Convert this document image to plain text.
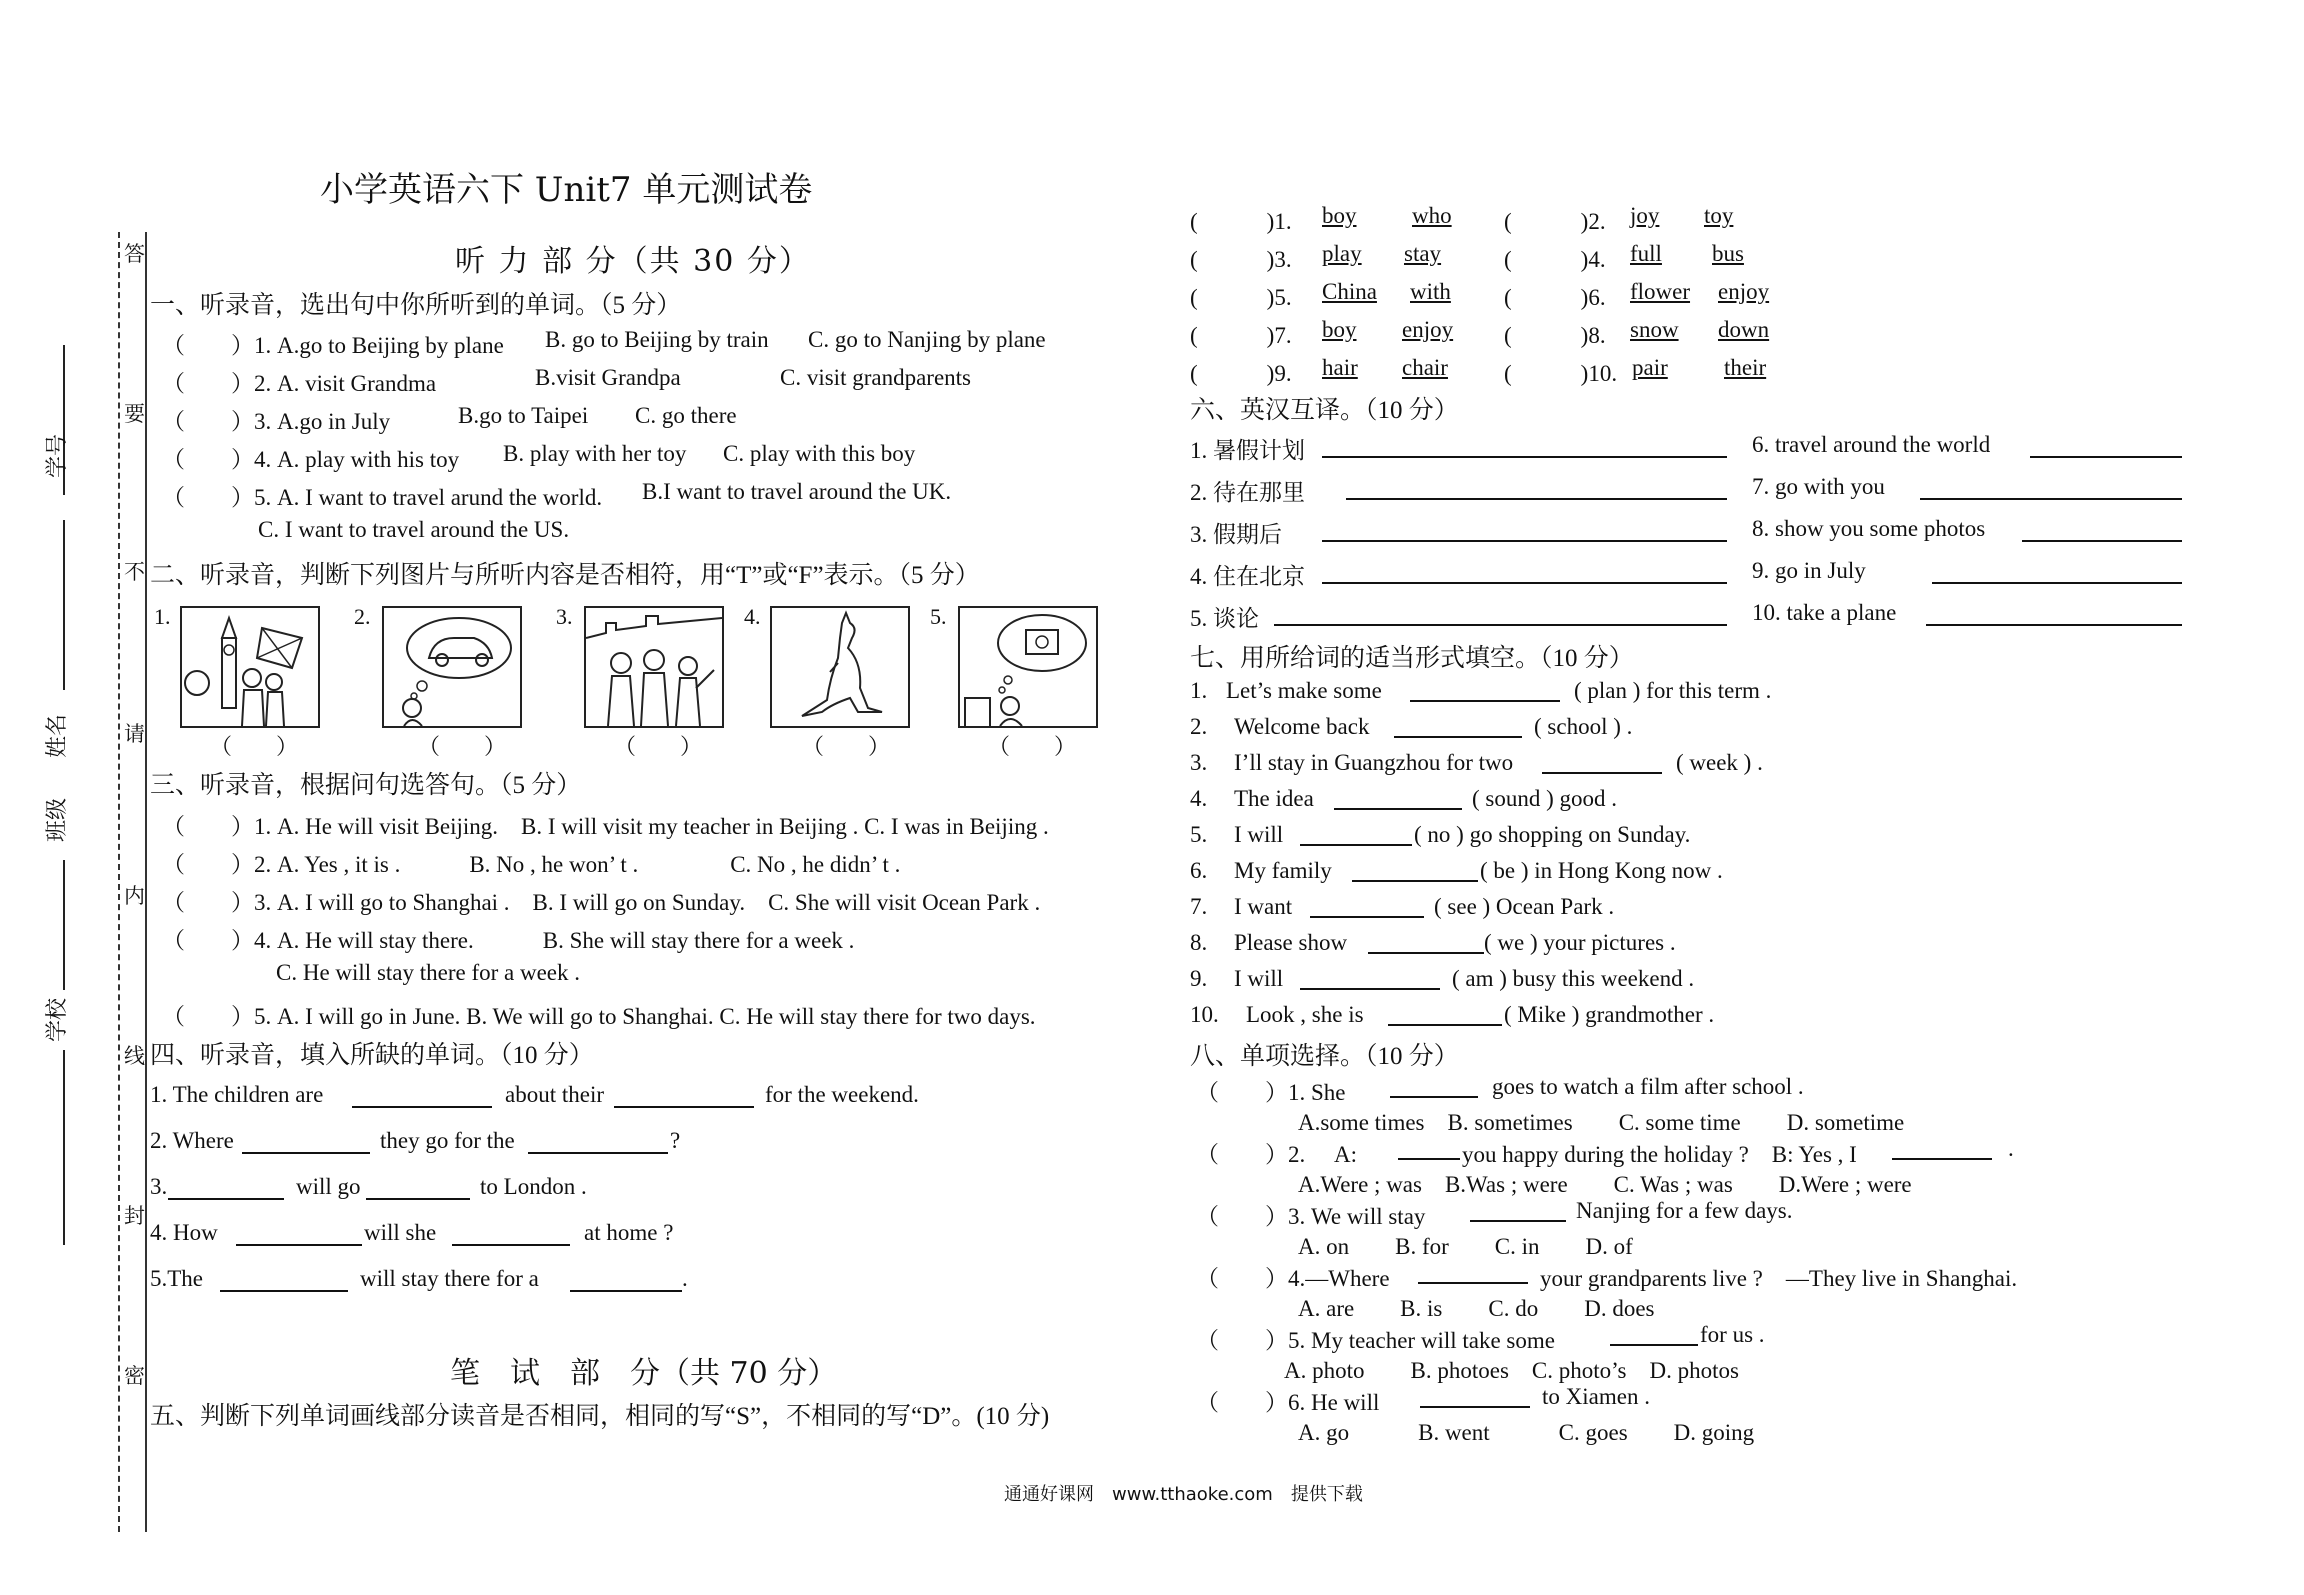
学号
姓名
班级
学校
答
要
不
请
内
线
封
密
小学英语六下 Unit7 单元测试卷
听 力 部 分（共 30 分）
一、听录音，选出句中你所听到的单词。（5 分）
（　　）1. A.go to Beijing by plane B. go to Beijing by train C. go to Nanjing by plane
（　　）2. A. visit Grandma	B.visit Grandpa	C. visit grandparents
（　　）3. A.go in July	B.go to Taipei C. go there
（　　）4. A. play with his toy B. play with her toy C. play with this boy
（　　）5. A. I want to travel arund the world. B.I want to travel around the UK.
C. I want to travel around the US.
二、听录音，判断下列图片与所听内容是否相符，用“T”或“F”表示。（5 分）
1.
（　　）
2.
（　　）
3.
（　　）
4.
（　　）
5.
（　　）
三、听录音，根据问句选答句。（5 分）
（　　）1. A. He will visit Beijing.　B. I will visit my teacher in Beijing . C. I was in Beijing .
（　　）2. A. Yes , it is .　　　B. No , he won’ t .　　　　C. No , he didn’ t .
（　　）3. A. I will go to Shanghai .　B. I will go on Sunday.　C. She will visit Ocean Park .
（　　）4. A. He will stay there.　　　B. She will stay there for a week .
C. He will stay there for a week .
（　　）5. A. I will go in June. B. We will go to Shanghai. C. He will stay there for two days.
四、听录音，填入所缺的单词。（10 分）
1. The children are	about their	for the weekend.
2. Where	they go for the	?
3.	will go	to London .
4. How	will she	at home ?
5.The	will stay there for a	.
笔　试　部　分（共 70 分）
五、判断下列单词画线部分读音是否相同，相同的写“S”，不相同的写“D”。(10 分)
(　　　)1. boy who (　　　)2. joy toy
(　　　)3. play stay	(　　　)4. full bus
(　　　)5. China with (　　　)6. flower enjoy
(　　　)7. boy enjoy (　　　)8. snow down
(　　　)9. hair chair (　　　)10. pair their
六、英汉互译。（10 分）
1. 暑假计划	6. travel around the world
2. 待在那里	7. go with you
3. 假期后	8. show you some photos
4. 住在北京	9. go in July
5. 谈论	10. take a plane
七、用所给词的适当形式填空。（10 分）
1. Let’s make some	( plan ) for this term .
2. Welcome back	( school ) .
3. I’ll stay in Guangzhou for two	( week ) .
4. The idea	( sound ) good .
5. I will	( no ) go shopping on Sunday.
6. My family	( be ) in Hong Kong now .
7. I want	( see ) Ocean Park .
8. Please show	( we ) your pictures .
9. I will	( am ) busy this weekend .
10. Look , she is	( Mike ) grandmother .
八、单项选择。（10 分）
（　　）1. She	goes to watch a film after school .
A.some times　B. sometimes　　C. some time　　D. sometime
（　　）2.　 A:	you happy during the holiday ?　B: Yes , I	.
A.Were ; was　B.Was ; were　　C. Was ; was　　D.Were ; were
（　　）3. We will stay	Nanjing for a few days.
A. on　　B. for　　C. in　　D. of
（　　）4.—Where	your grandparents live ?　—They live in Shanghai.
A. are　　B. is　　C. do　　D. does
（　　）5. My teacher will take some	for us .
A. photo　　B. photoes　C. photo’s　D. photos
（　　）6. He will	to Xiamen .
A. go　　　B. went　　　C. goes　　D. going
通通好课网　www.tthaoke.com　提供下载
